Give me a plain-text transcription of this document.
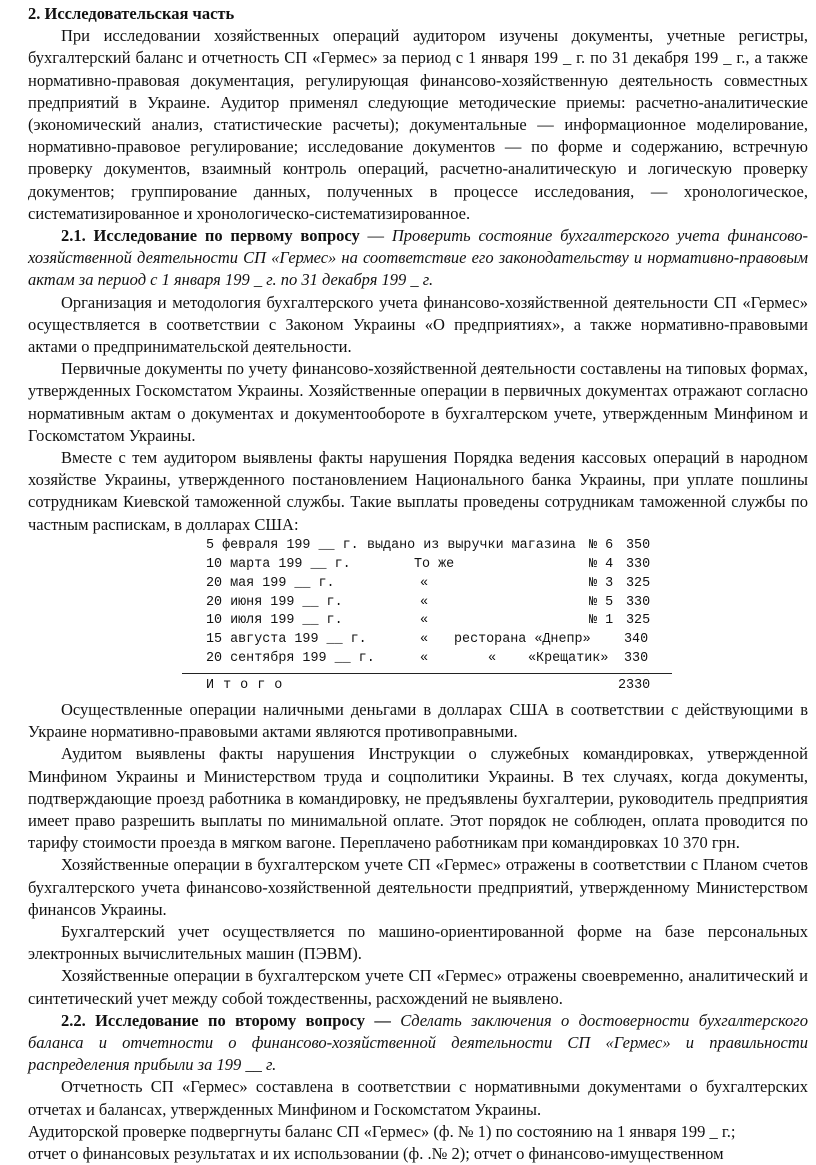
2. Исследовательская часть

При исследовании хозяйственных операций аудитором изучены документы, учетные регистры, бухгалтерский баланс и отчетность СП «Гермес» за период с 1 января 199 _ г. по 31 декабря 199 _ г., а также нормативно-правовая документация, регулирующая финансово-хозяйственную деятельность совместных предприятий в Украине. Аудитор применял следующие методические приемы: расчетно-аналитические (экономический анализ, статистические расчеты); документальные — информационное моделирование, нормативно-правовое регулирование; исследование документов — по форме и содержанию, встречную проверку документов, взаимный контроль операций, расчетно-аналитическую и логическую проверку документов; группирование данных, полученных в процессе исследования, — хронологическое, систематизированное и хронологическо-систематизированное.

2.1. Исследование по первому вопросу — Проверить состояние бухгалтерского учета финансово-хозяйственной деятельности СП «Гермес» на соответствие его законодательству и нормативно-правовым актам за период с 1 января 199 _ г. по 31 декабря 199 _ г.

Организация и методология бухгалтерского учета финансово-хозяйственной деятельности СП «Гермес» осуществляется в соответствии с Законом Украины «О предприятиях», а также нормативно-правовыми актами о предпринимательской деятельности.

Первичные документы по учету финансово-хозяйственной деятельности составлены на типовых формах, утвержденных Госкомстатом Украины. Хозяйственные операции в первичных документах отражают согласно нормативным актам о документах и документообороте в бухгалтерском учете, утвержденным Минфином и Госкомстатом Украины.

Вместе с тем аудитором выявлены факты нарушения Порядка ведения кассовых операций в народном хозяйстве Украины, утвержденного постановлением Национального банка Украины, при уплате пошлины сотрудникам Киевской таможенной службы. Такие выплаты проведены сотрудникам таможенной службы по частным распискам, в долларах США:

5 февраля 199 __ г. выдано из выручки магазина № 6 350
10 марта 199 __ г.	То же	№ 4 330
20 мая 199 __ г.	«	№ 3 325
20 июня 199 __ г.	«	№ 5 330
10 июля 199 __ г.	«	№ 1 325
15 августа 199 __ г.	« ресторана «Днепр» 340
20 сентября 199 __ г.	«	« «Крещатик» 330
И т о г о	2330

Осуществленные операции наличными деньгами в долларах США в соответствии с действующими в Украине нормативно-правовыми актами являются противоправными.

Аудитом выявлены факты нарушения Инструкции о служебных командировках, утвержденной Минфином Украины и Министерством труда и соцполитики Украины. В тех случаях, когда документы, подтверждающие проезд работника в командировку, не предъявлены бухгалтерии, руководитель предприятия имеет право разрешить выплаты по минимальной оплате. Этот порядок не соблюден, оплата проводится по тарифу стоимости проезда в мягком вагоне. Переплачено работникам при командировках 10 370 грн.

Хозяйственные операции в бухгалтерском учете СП «Гермес» отражены в соответствии с Планом счетов бухгалтерского учета финансово-хозяйственной деятельности предприятий, утвержденному Министерством финансов Украины.

Бухгалтерский учет осуществляется по машино-ориентированной форме на базе персональных электронных вычислительных машин (ПЭВМ).

Хозяйственные операции в бухгалтерском учете СП «Гермес» отражены своевременно, аналитический и синтетический учет между собой тождественны, расхождений не выявлено.

2.2. Исследование по второму вопросу — Сделать заключения о достоверности бухгалтерского баланса и отчетности о финансово-хозяйственной деятельности СП «Гермес» и правильности распределения прибыли за 199 __ г.

Отчетность СП «Гермес» составлена в соответствии с нормативными документами о бухгалтерских отчетах и балансах, утвержденных Минфином и Госкомстатом Украины.

Аудиторской проверке подвергнуты баланс СП «Гермес» (ф. № 1) по состоянию на 1 января 199 _ г.;

отчет о финансовых результатах и их использовании (ф. .№ 2); отчет о финансово-имущественном
